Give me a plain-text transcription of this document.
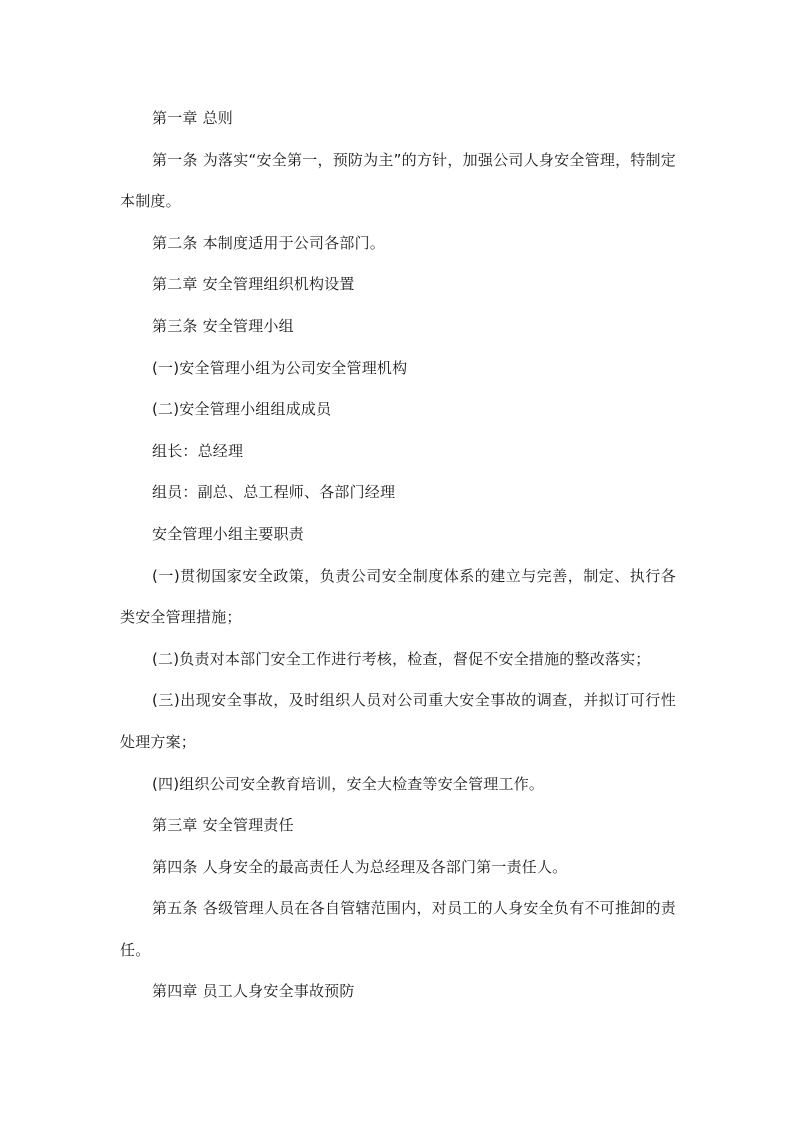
第一章 总则

第一条 为落实“安全第一，预防为主”的方针，加强公司人身安全管理，特制定本制度。

第二条 本制度适用于公司各部门。

第二章 安全管理组织机构设置

第三条 安全管理小组

(一)安全管理小组为公司安全管理机构

(二)安全管理小组组成成员

组长：总经理

组员：副总、总工程师、各部门经理

安全管理小组主要职责

(一)贯彻国家安全政策，负责公司安全制度体系的建立与完善，制定、执行各类安全管理措施；

(二)负责对本部门安全工作进行考核，检查，督促不安全措施的整改落实；

(三)出现安全事故，及时组织人员对公司重大安全事故的调查，并拟订可行性处理方案；

(四)组织公司安全教育培训，安全大检查等安全管理工作。

第三章 安全管理责任

第四条 人身安全的最高责任人为总经理及各部门第一责任人。

第五条 各级管理人员在各自管辖范围内，对员工的人身安全负有不可推卸的责任。

第四章 员工人身安全事故预防
